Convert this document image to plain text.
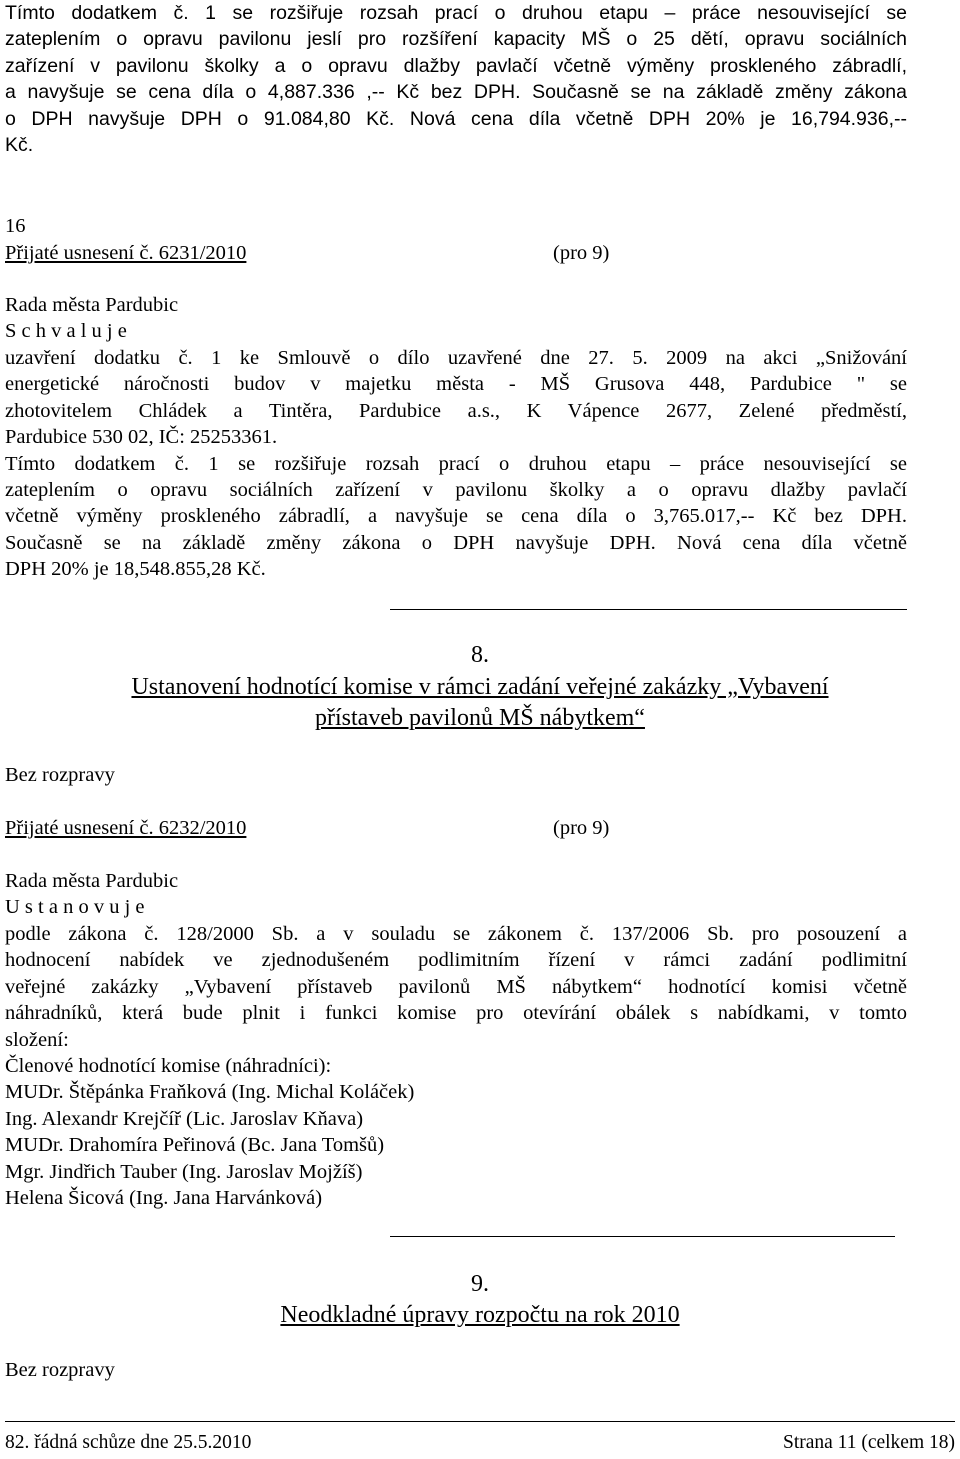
Tímto dodatkem č. 1 se rozšiřuje rozsah prací o druhou etapu – práce nesouvisející se
zateplením o opravu pavilonu jeslí pro rozšíření kapacity MŠ o 25 dětí, opravu sociálních
zařízení v pavilonu školky a o opravu dlažby pavlačí včetně výměny proskleného zábradlí,
a navyšuje se cena díla o 4,887.336 ,-- Kč bez DPH. Současně se na základě změny zákona
o DPH navyšuje DPH o 91.084,80 Kč. Nová cena díla včetně DPH 20% je 16,794.936,--
Kč.
16
Přijaté usnesení č. 6231/2010	(pro 9)
Rada města Pardubic
S c h v a l u j e
uzavření dodatku č. 1 ke Smlouvě o dílo uzavřené dne 27. 5. 2009 na akci „Snižování
energetické náročnosti budov v majetku města - MŠ Grusova 448, Pardubice " se
zhotovitelem Chládek a Tintěra, Pardubice a.s., K Vápence 2677, Zelené předměstí,
Pardubice 530 02, IČ: 25253361.
Tímto dodatkem č. 1 se rozšiřuje rozsah prací o druhou etapu – práce nesouvisející se
zateplením o opravu sociálních zařízení v pavilonu školky a o opravu dlažby pavlačí
včetně výměny proskleného zábradlí, a navyšuje se cena díla o 3,765.017,-- Kč bez DPH.
Současně se na základě změny zákona o DPH navyšuje DPH. Nová cena díla včetně
DPH 20% je 18,548.855,28 Kč.
8.
Ustanovení hodnotící komise v rámci zadání veřejné zakázky „Vybavení
přístaveb pavilonů MŠ nábytkem“
Bez rozpravy
Přijaté usnesení č. 6232/2010	(pro 9)
Rada města Pardubic
U s t a n o v u j e
podle zákona č. 128/2000 Sb. a v souladu se zákonem č. 137/2006 Sb. pro posouzení a
hodnocení nabídek ve zjednodušeném podlimitním řízení v rámci zadání podlimitní
veřejné zakázky „Vybavení přístaveb pavilonů MŠ nábytkem“ hodnotící komisi včetně
náhradníků, která bude plnit i funkci komise pro otevírání obálek s nabídkami, v tomto
složení:
Členové hodnotící komise (náhradníci):
MUDr. Štěpánka Fraňková (Ing. Michal Koláček)
Ing. Alexandr Krejčíř (Lic. Jaroslav Kňava)
MUDr. Drahomíra Peřinová (Bc. Jana Tomšů)
Mgr. Jindřich Tauber (Ing. Jaroslav Mojžíš)
Helena Šicová (Ing. Jana Harvánková)
9.
Neodkladné úpravy rozpočtu na rok 2010
Bez rozpravy
82. řádná schůze dne 25.5.2010	Strana 11 (celkem 18)
